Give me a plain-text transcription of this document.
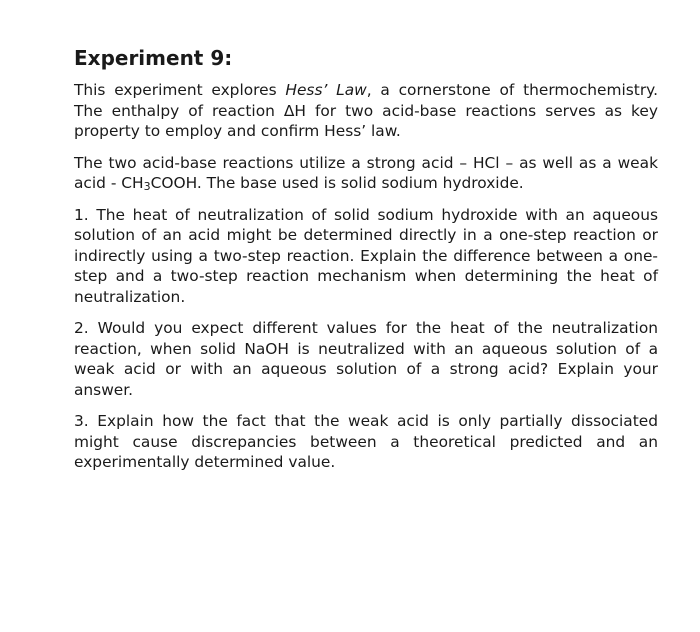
Experiment 9:

This experiment explores Hess’ Law, a cornerstone of thermochemistry. The enthalpy of reaction ΔH for two acid-base reactions serves as key property to employ and confirm Hess’ law.

The two acid-base reactions utilize a strong acid – HCl – as well as a weak acid - $CH_3COOH$. The base used is solid sodium hydroxide.

1. The heat of neutralization of solid sodium hydroxide with an aqueous solution of an acid might be determined directly in a one-step reaction or indirectly using a two-step reaction. Explain the difference between a one-step and a two-step reaction mechanism when determining the heat of neutralization.

2. Would you expect different values for the heat of the neutralization reaction, when solid NaOH is neutralized with an aqueous solution of a weak acid or with an aqueous solution of a strong acid? Explain your answer.

3. Explain how the fact that the weak acid is only partially dissociated might cause discrepancies between a theoretical predicted and an experimentally determined value.
